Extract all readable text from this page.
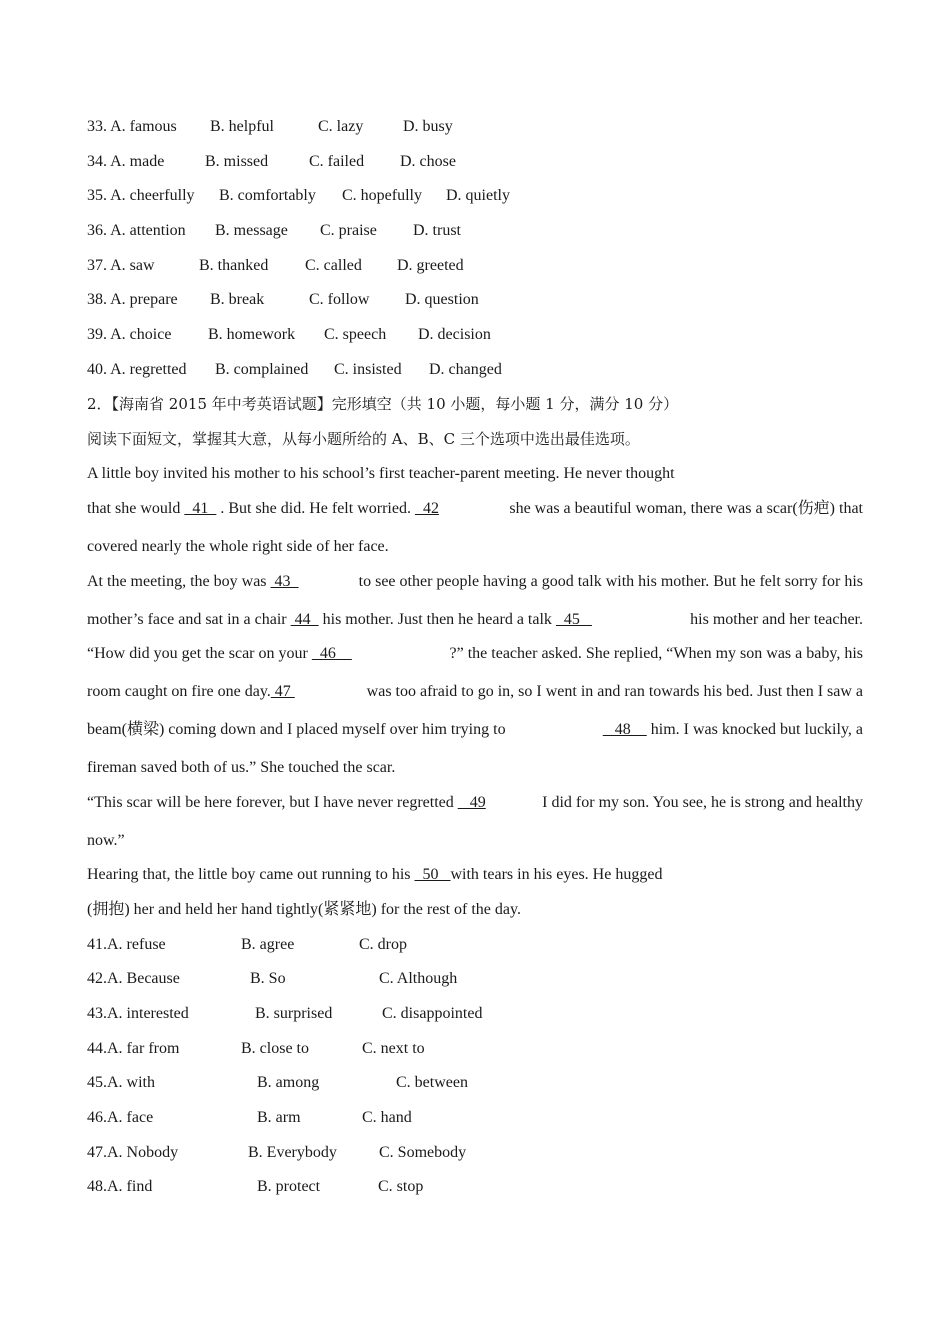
33. A. famous B. helpful	C. lazy D. busy
34. A. made	B. missed	C. failed D. chose
35. A. cheerfully B. comfortably C. hopefully D. quietly
36. A. attention B. message C. praise D. trust
37. A. saw	B. thanked C. called D. greeted
38. A. prepare B. break	C. follow D. question
39. A. choice B. homework C. speech D. decision
40. A. regretted B. complained C. insisted D. changed
2．【海南省 2015 年中考英语试题】完形填空（共 10 小题，每小题 1 分，满分 10 分）
阅读下面短文，掌握其大意，从每小题所给的 A、B、C 三个选项中选出最佳选项。
A little boy invited his mother to his school’s first teacher-parent meeting. He never thought
that she would   41   . But she did. He felt worried.   42	she was a beautiful woman, there was a scar(伤疤) that
covered nearly the whole right side of her face.
At the meeting, the boy was  43	to see other people having a good talk with his mother. But he felt sorry for his
mother’s face and sat in a chair  44   his mother. Just then he heard a talk   45	his mother and her teacher.
“How did you get the scar on your   46	?” the teacher asked. She replied, “When my son was a baby, his
room caught on fire one day. 47	was too afraid to go in, so I went in and ran towards his bed. Just then I saw a
beam(横梁) coming down and I placed myself over him trying to	48     him. I was knocked but luckily, a
fireman saved both of us.” She touched the scar.
“This scar will be here forever, but I have never regretted    49	I did for my son. You see, he is strong and healthy
now.”
Hearing that, the little boy came out running to his   50   with tears in his eyes. He hugged
(拥抱) her and held her hand tightly(紧紧地) for the rest of the day.
41.A. refuse	B. agree	C. drop
42.A. Because	B. So	C. Although
43.A. interested	B. surprised	C. disappointed
44.A. far from	B. close to	C. next to
45.A. with	B. among	C. between
46.A. face	B. arm	C. hand
47.A. Nobody	B. Everybody	C. Somebody
48.A. find	B. protect	C. stop
